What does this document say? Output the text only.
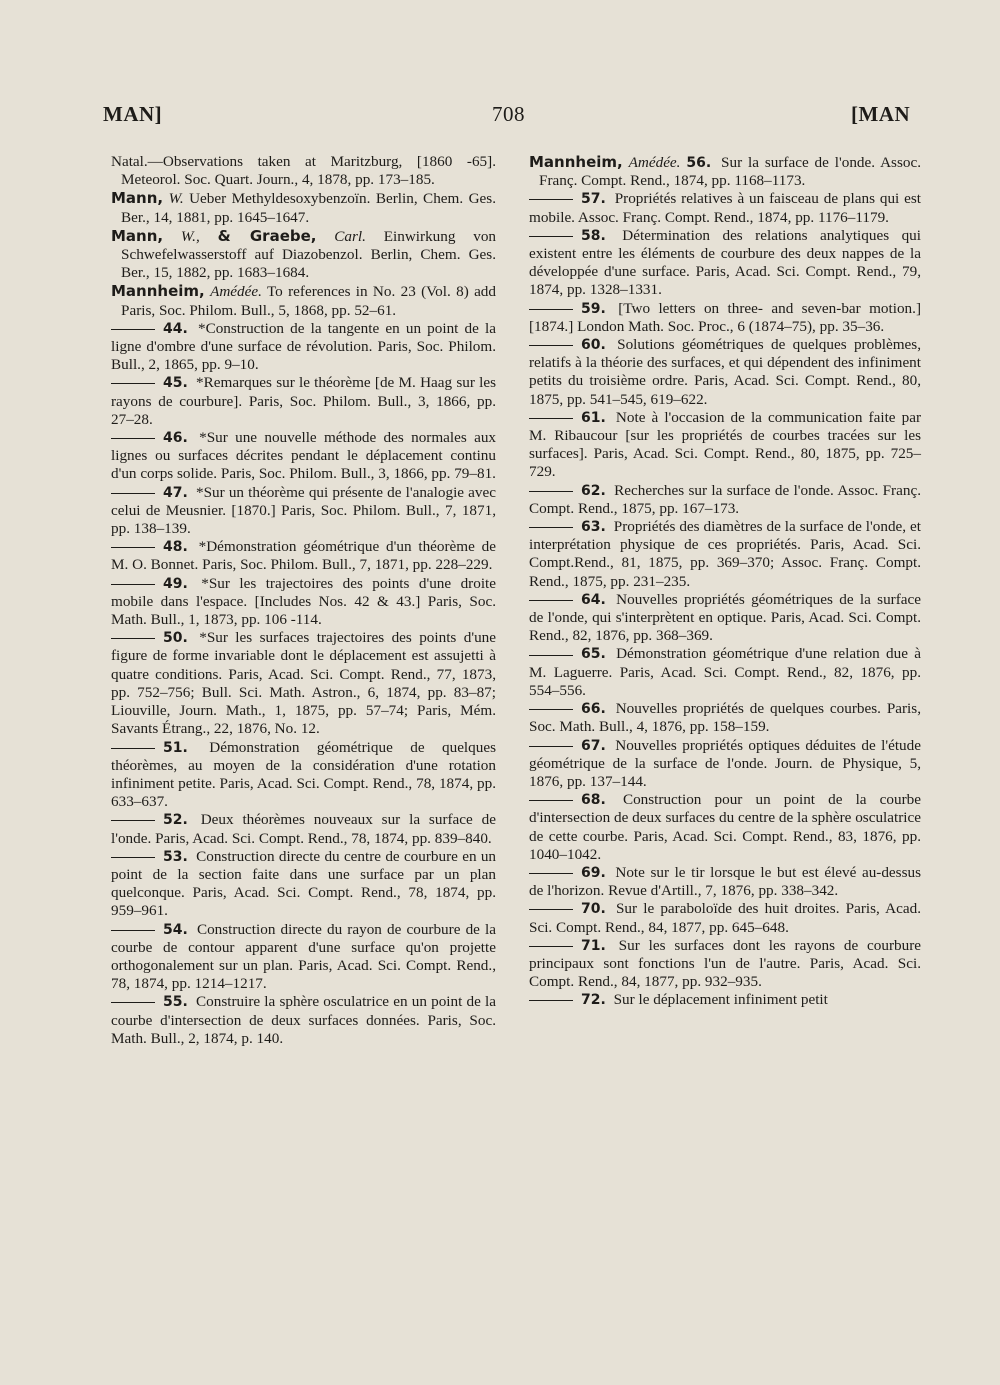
MAN]	708	[MAN

Natal.—Observations taken at Maritzburg, [1860 -65]. Meteorol. Soc. Quart. Journ., 4, 1878, pp. 173–185.

Mann, W. Ueber Methyldesoxybenzoïn. Berlin, Chem. Ges. Ber., 14, 1881, pp. 1645–1647.

Mann, W., & Graebe, Carl. Einwirkung von Schwefelwasserstoff auf Diazobenzol. Berlin, Chem. Ges. Ber., 15, 1882, pp. 1683–1684.

Mannheim, Amédée. To references in No. 23 (Vol. 8) add Paris, Soc. Philom. Bull., 5, 1868, pp. 52–61.

44. *Construction de la tangente en un point de la ligne d'ombre d'une surface de révolution. Paris, Soc. Philom. Bull., 2, 1865, pp. 9–10.

45. *Remarques sur le théorème [de M. Haag sur les rayons de courbure]. Paris, Soc. Philom. Bull., 3, 1866, pp. 27–28.

46. *Sur une nouvelle méthode des normales aux lignes ou surfaces décrites pendant le déplacement continu d'un corps solide. Paris, Soc. Philom. Bull., 3, 1866, pp. 79–81.

47. *Sur un théorème qui présente de l'analogie avec celui de Meusnier. [1870.] Paris, Soc. Philom. Bull., 7, 1871, pp. 138–139.

48. *Démonstration géométrique d'un théorème de M. O. Bonnet. Paris, Soc. Philom. Bull., 7, 1871, pp. 228–229.

49. *Sur les trajectoires des points d'une droite mobile dans l'espace. [Includes Nos. 42 & 43.] Paris, Soc. Math. Bull., 1, 1873, pp. 106 -114.

50. *Sur les surfaces trajectoires des points d'une figure de forme invariable dont le déplacement est assujetti à quatre conditions. Paris, Acad. Sci. Compt. Rend., 77, 1873, pp. 752–756; Bull. Sci. Math. Astron., 6, 1874, pp. 83–87; Liouville, Journ. Math., 1, 1875, pp. 57–74; Paris, Mém. Savants Étrang., 22, 1876, No. 12.

51. Démonstration géométrique de quelques théorèmes, au moyen de la considération d'une rotation infiniment petite. Paris, Acad. Sci. Compt. Rend., 78, 1874, pp. 633–637.

52. Deux théorèmes nouveaux sur la surface de l'onde. Paris, Acad. Sci. Compt. Rend., 78, 1874, pp. 839–840.

53. Construction directe du centre de courbure en un point de la section faite dans une surface par un plan quelconque. Paris, Acad. Sci. Compt. Rend., 78, 1874, pp. 959–961.

54. Construction directe du rayon de courbure de la courbe de contour apparent d'une surface qu'on projette orthogonalement sur un plan. Paris, Acad. Sci. Compt. Rend., 78, 1874, pp. 1214–1217.

55. Construire la sphère osculatrice en un point de la courbe d'intersection de deux surfaces données. Paris, Soc. Math. Bull., 2, 1874, p. 140.

Mannheim, Amédée. 56. Sur la surface de l'onde. Assoc. Franç. Compt. Rend., 1874, pp. 1168–1173.

57. Propriétés relatives à un faisceau de plans qui est mobile. Assoc. Franç. Compt. Rend., 1874, pp. 1176–1179.

58. Détermination des relations analytiques qui existent entre les éléments de courbure des deux nappes de la développée d'une surface. Paris, Acad. Sci. Compt. Rend., 79, 1874, pp. 1328–1331.

59. [Two letters on three- and seven-bar motion.] [1874.] London Math. Soc. Proc., 6 (1874–75), pp. 35–36.

60. Solutions géométriques de quelques problèmes, relatifs à la théorie des surfaces, et qui dépendent des infiniment petits du troisième ordre. Paris, Acad. Sci. Compt. Rend., 80, 1875, pp. 541–545, 619–622.

61. Note à l'occasion de la communication faite par M. Ribaucour [sur les propriétés de courbes tracées sur les surfaces]. Paris, Acad. Sci. Compt. Rend., 80, 1875, pp. 725–729.

62. Recherches sur la surface de l'onde. Assoc. Franç. Compt. Rend., 1875, pp. 167–173.

63. Propriétés des diamètres de la surface de l'onde, et interprétation physique de ces propriétés. Paris, Acad. Sci. Compt.Rend., 81, 1875, pp. 369–370; Assoc. Franç. Compt. Rend., 1875, pp. 231–235.

64. Nouvelles propriétés géométriques de la surface de l'onde, qui s'interprètent en optique. Paris, Acad. Sci. Compt. Rend., 82, 1876, pp. 368–369.

65. Démonstration géométrique d'une relation due à M. Laguerre. Paris, Acad. Sci. Compt. Rend., 82, 1876, pp. 554–556.

66. Nouvelles propriétés de quelques courbes. Paris, Soc. Math. Bull., 4, 1876, pp. 158–159.

67. Nouvelles propriétés optiques déduites de l'étude géométrique de la surface de l'onde. Journ. de Physique, 5, 1876, pp. 137–144.

68. Construction pour un point de la courbe d'intersection de deux surfaces du centre de la sphère osculatrice de cette courbe. Paris, Acad. Sci. Compt. Rend., 83, 1876, pp. 1040–1042.

69. Note sur le tir lorsque le but est élevé au-dessus de l'horizon. Revue d'Artill., 7, 1876, pp. 338–342.

70. Sur le paraboloïde des huit droites. Paris, Acad. Sci. Compt. Rend., 84, 1877, pp. 645–648.

71. Sur les surfaces dont les rayons de courbure principaux sont fonctions l'un de l'autre. Paris, Acad. Sci. Compt. Rend., 84, 1877, pp. 932–935.

72. Sur le déplacement infiniment petit
